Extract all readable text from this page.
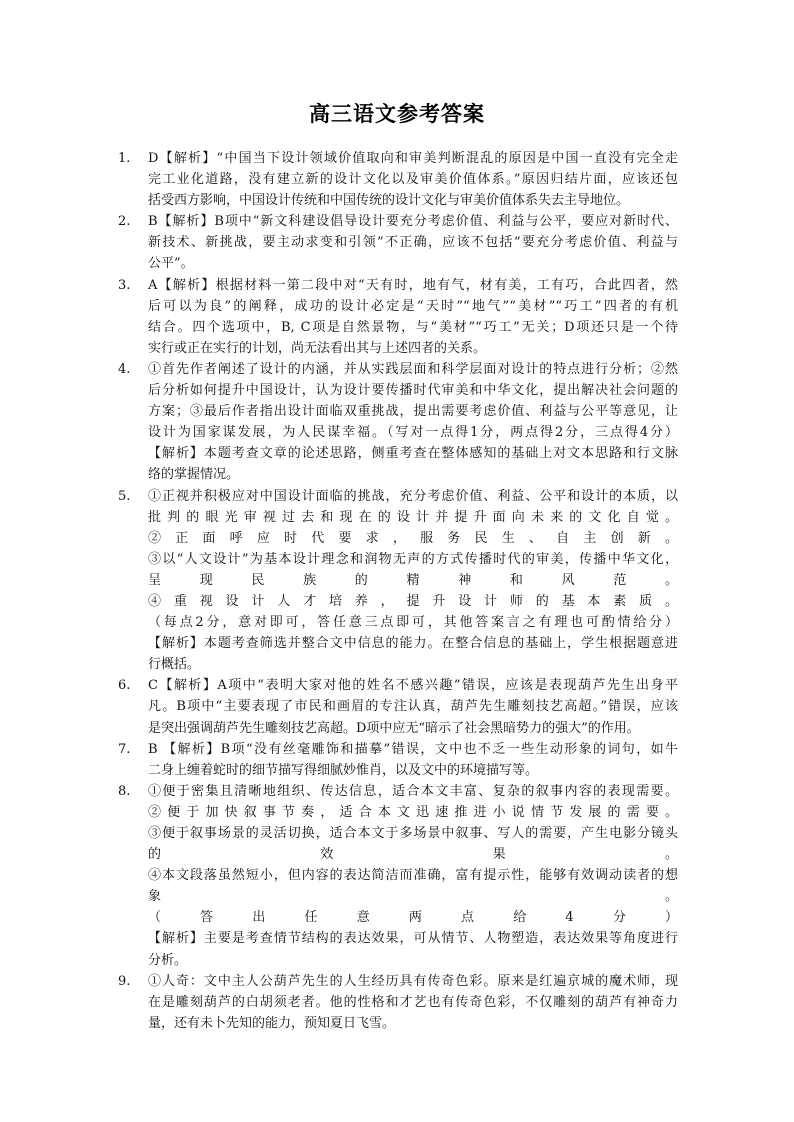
高三语文参考答案
1. D【解析】“中国当下设计领域价值取向和审美判断混乱的原因是中国一直没有完全走
完工业化道路，没有建立新的设计文化以及审美价值体系。”原因归结片面，应该还包
括受西方影响，中国设计传统和中国传统的设计文化与审美价值体系失去主导地位。
2. B【解析】B项中“新文科建设倡导设计要充分考虑价值、利益与公平，要应对新时代、
新技术、新挑战，要主动求变和引领”不正确，应该不包括“要充分考虑价值、利益与
公平”。
3. A【解析】根据材料一第二段中对“天有时，地有气，材有美，工有巧，合此四者，然
后可以为良”的阐释，成功的设计必定是“天时”“地气”“美材”“巧工”四者的有机
结合。四个选项中，B, C项是自然景物，与“美材”“巧工”无关；D项还只是一个待
实行或正在实行的计划，尚无法看出其与上述四者的关系。
4. ①首先作者阐述了设计的内涵，并从实践层面和科学层面对设计的特点进行分析；②然
后分析如何提升中国设计，认为设计要传播时代审美和中华文化，提出解决社会问题的
方案；③最后作者指出设计面临双重挑战，提出需要考虑价值、利益与公平等意见，让
设计为国家谋发展，为人民谋幸福。（写对一点得1分，两点得2分，三点得4分）
【解析】本题考查文章的论述思路，侧重考查在整体感知的基础上对文本思路和行文脉
络的掌握情况。
5. ①正视并积极应对中国设计面临的挑战，充分考虑价值、利益、公平和设计的本质，以
批判的眼光审视过去和现在的设计并提升面向未来的文化自觉。
②正面呼应时代要求，服务民生、自主创新。
③以“人文设计”为基本设计理念和润物无声的方式传播时代的审美，传播中华文化，
呈现民族的精神和风范。
④重视设计人才培养，提升设计师的基本素质。
（每点2分，意对即可，答任意三点即可，其他答案言之有理也可酌情给分）
【解析】本题考查筛选并整合文中信息的能力。在整合信息的基础上，学生根据题意进
行概括。
6. C【解析】A项中“表明大家对他的姓名不感兴趣”错误，应该是表现葫芦先生出身平
凡。B项中“主要表现了市民和画眉的专注认真，葫芦先生雕刻技艺高超。”错误，应该
是突出强调葫芦先生雕刻技艺高超。D项中应无“暗示了社会黑暗势力的强大”的作用。
7. B 【解析】B项“没有丝毫雕饰和描摹”错误，文中也不乏一些生动形象的词句，如牛
二身上缠着蛇时的细节描写得细腻妙惟肖，以及文中的环境描写等。
8. ①便于密集且清晰地组织、传达信息，适合本文丰富、复杂的叙事内容的表现需要。
②便于加快叙事节奏，适合本文迅速推进小说情节发展的需要。
③便于叙事场景的灵活切换，适合本文于多场景中叙事、写人的需要，产生电影分镜头
的效果。
④本文段落虽然短小，但内容的表达简洁而准确，富有提示性，能够有效调动读者的想
象。
（答出任意两点给4分）
【解析】主要是考查情节结构的表达效果，可从情节、人物塑造，表达效果等角度进行
分析。
9. ①人奇：文中主人公葫芦先生的人生经历具有传奇色彩。原来是红遍京城的魔术师，现
在是雕刻葫芦的白胡须老者。他的性格和才艺也有传奇色彩，不仅雕刻的葫芦有神奇力
量，还有未卜先知的能力，预知夏日飞雪。
